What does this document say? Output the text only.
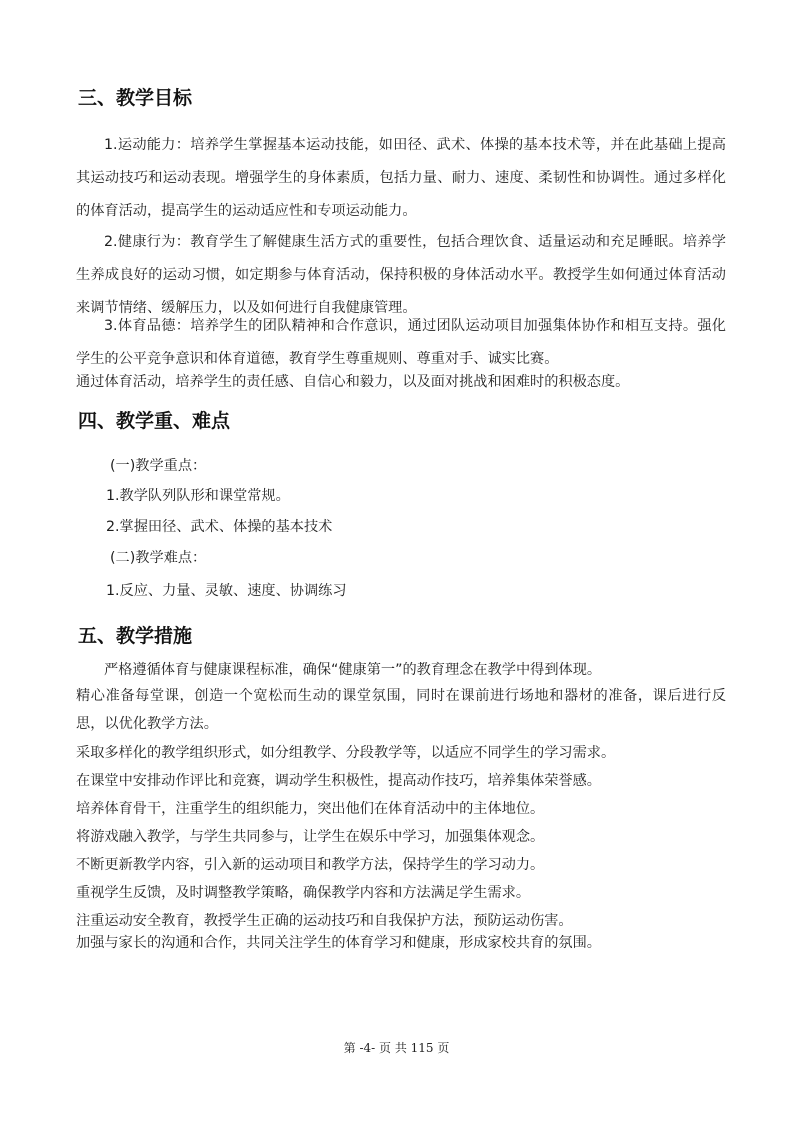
三、教学目标

1.运动能力：培养学生掌握基本运动技能，如田径、武术、体操的基本技术等，并在此基础上提高其运动技巧和运动表现。增强学生的身体素质，包括力量、耐力、速度、柔韧性和协调性。通过多样化的体育活动，提高学生的运动适应性和专项运动能力。

2.健康行为：教育学生了解健康生活方式的重要性，包括合理饮食、适量运动和充足睡眠。培养学生养成良好的运动习惯，如定期参与体育活动，保持积极的身体活动水平。教授学生如何通过体育活动来调节情绪、缓解压力，以及如何进行自我健康管理。

3.体育品德：培养学生的团队精神和合作意识，通过团队运动项目加强集体协作和相互支持。强化学生的公平竞争意识和体育道德，教育学生尊重规则、尊重对手、诚实比赛。

通过体育活动，培养学生的责任感、自信心和毅力，以及面对挑战和困难时的积极态度。

四、教学重、难点

(一)教学重点：

1.教学队列队形和课堂常规。

2.掌握田径、武术、体操的基本技术

(二)教学难点：

1.反应、力量、灵敏、速度、协调练习

五、教学措施

严格遵循体育与健康课程标准，确保“健康第一”的教育理念在教学中得到体现。

精心准备每堂课，创造一个宽松而生动的课堂氛围，同时在课前进行场地和器材的准备，课后进行反思，以优化教学方法。

采取多样化的教学组织形式，如分组教学、分段教学等，以适应不同学生的学习需求。

在课堂中安排动作评比和竞赛，调动学生积极性，提高动作技巧，培养集体荣誉感。

培养体育骨干，注重学生的组织能力，突出他们在体育活动中的主体地位。

将游戏融入教学，与学生共同参与，让学生在娱乐中学习，加强集体观念。

不断更新教学内容，引入新的运动项目和教学方法，保持学生的学习动力。

重视学生反馈，及时调整教学策略，确保教学内容和方法满足学生需求。

注重运动安全教育，教授学生正确的运动技巧和自我保护方法，预防运动伤害。

加强与家长的沟通和合作，共同关注学生的体育学习和健康，形成家校共育的氛围。

第 -4- 页 共 115 页
